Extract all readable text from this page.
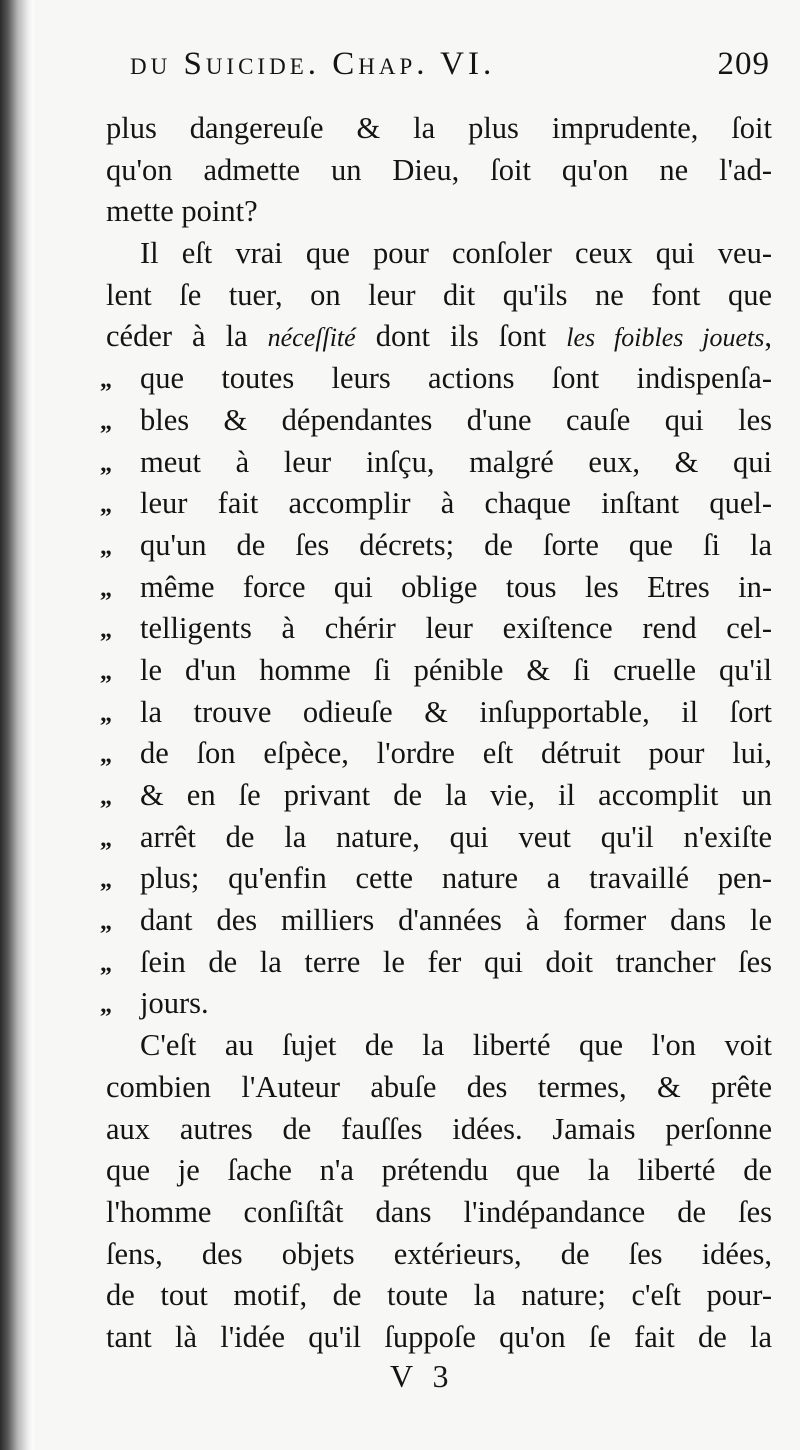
du Suicide. Chap. VI.	209
plus dangereuſe & la plus imprudente, ſoit
qu'on admette un Dieu, ſoit qu'on ne l'ad-
mette point?
Il eſt vrai que pour conſoler ceux qui veu-
lent ſe tuer, on leur dit qu'ils ne font que
céder à la néceſſité dont ils ſont les foibles jouets,
„ que toutes leurs actions ſont indispenſa-
„ bles & dépendantes d'une cauſe qui les
„ meut à leur inſçu, malgré eux, & qui
„ leur fait accomplir à chaque inſtant quel-
„ qu'un de ſes décrets; de ſorte que ſi la
„ même force qui oblige tous les Etres in-
„ telligents à chérir leur exiſtence rend cel-
„ le d'un homme ſi pénible & ſi cruelle qu'il
„ la trouve odieuſe & inſupportable, il ſort
„ de ſon eſpèce, l'ordre eſt détruit pour lui,
„ & en ſe privant de la vie, il accomplit un
„ arrêt de la nature, qui veut qu'il n'exiſte
„ plus; qu'enfin cette nature a travaillé pen-
„ dant des milliers d'années à former dans le
„ ſein de la terre le fer qui doit trancher ſes
„ jours.
C'eſt au ſujet de la liberté que l'on voit
combien l'Auteur abuſe des termes, & prête
aux autres de fauſſes idées. Jamais perſonne
que je ſache n'a prétendu que la liberté de
l'homme conſiſtât dans l'indépandance de ſes
ſens, des objets extérieurs, de ſes idées,
de tout motif, de toute la nature; c'eſt pour-
tant là l'idée qu'il ſuppoſe qu'on ſe fait de la
V 3
